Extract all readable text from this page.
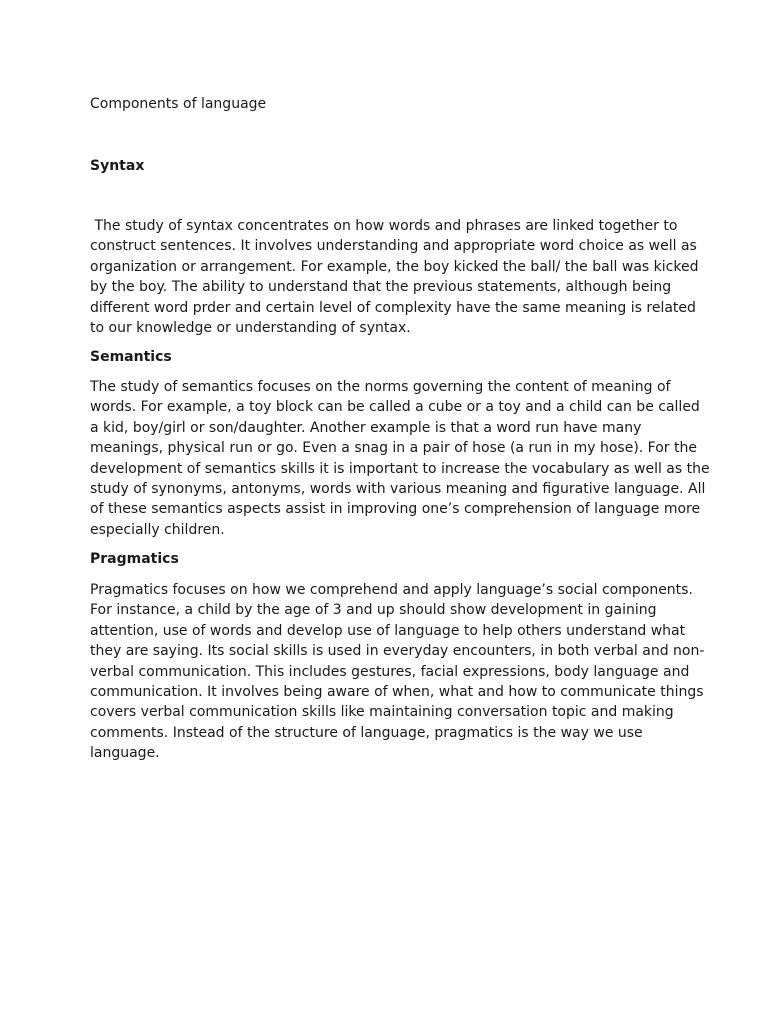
Components of language
Syntax
The study of syntax concentrates on how words and phrases are linked together to
construct sentences. It involves understanding and appropriate word choice as well as
organization or arrangement. For example, the boy kicked the ball/ the ball was kicked
by the boy. The ability to understand that the previous statements, although being
different word prder and certain level of complexity have the same meaning is related
to our knowledge or understanding of syntax.
Semantics
The study of semantics focuses on the norms governing the content of meaning of
words. For example, a toy block can be called a cube or a toy and a child can be called
a kid, boy/girl or son/daughter. Another example is that a word run have many
meanings, physical run or go. Even a snag in a pair of hose (a run in my hose). For the
development of semantics skills it is important to increase the vocabulary as well as the
study of synonyms, antonyms, words with various meaning and figurative language. All
of these semantics aspects assist in improving one’s comprehension of language more
especially children.
Pragmatics
Pragmatics focuses on how we comprehend and apply language’s social components.
For instance, a child by the age of 3 and up should show development in gaining
attention, use of words and develop use of language to help others understand what
they are saying. Its social skills is used in everyday encounters, in both verbal and non-
verbal communication. This includes gestures, facial expressions, body language and
communication. It involves being aware of when, what and how to communicate things
covers verbal communication skills like maintaining conversation topic and making
comments. Instead of the structure of language, pragmatics is the way we use
language.
